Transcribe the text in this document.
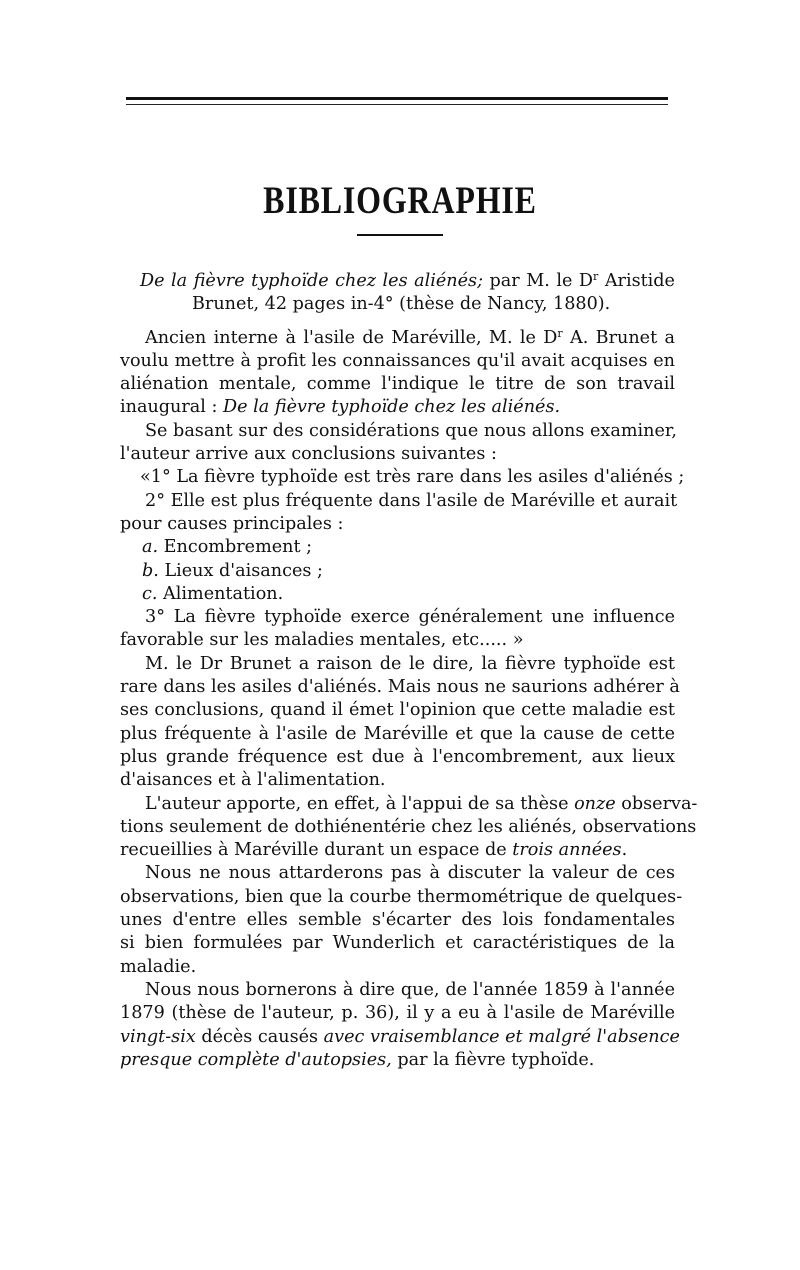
BIBLIOGRAPHIE
De la fièvre typhoïde chez les aliénés; par M. le $D^r$ Aristide
Brunet, 42 pages in-4° (thèse de Nancy, 1880).
Ancien interne à l'asile de Maréville, M. le $D^r$ A. Brunet a
voulu mettre à profit les connaissances qu'il avait acquises en
aliénation mentale, comme l'indique le titre de son travail
inaugural : De la fièvre typhoïde chez les aliénés.
Se basant sur des considérations que nous allons examiner,
l'auteur arrive aux conclusions suivantes :
«1° La fièvre typhoïde est très rare dans les asiles d'aliénés ;
2° Elle est plus fréquente dans l'asile de Maréville et aurait
pour causes principales :
a. Encombrement ;
b. Lieux d'aisances ;
c. Alimentation.
3° La fièvre typhoïde exerce généralement une influence
favorable sur les maladies mentales, etc..... »
M. le Dr Brunet a raison de le dire, la fièvre typhoïde est
rare dans les asiles d'aliénés. Mais nous ne saurions adhérer à
ses conclusions, quand il émet l'opinion que cette maladie est
plus fréquente à l'asile de Maréville et que la cause de cette
plus grande fréquence est due à l'encombrement, aux lieux
d'aisances et à l'alimentation.
L'auteur apporte, en effet, à l'appui de sa thèse onze observa-
tions seulement de dothiénentérie chez les aliénés, observations
recueillies à Maréville durant un espace de trois années.
Nous ne nous attarderons pas à discuter la valeur de ces
observations, bien que la courbe thermométrique de quelques-
unes d'entre elles semble s'écarter des lois fondamentales
si bien formulées par Wunderlich et caractéristiques de la
maladie.
Nous nous bornerons à dire que, de l'année 1859 à l'année
1879 (thèse de l'auteur, p. 36), il y a eu à l'asile de Maréville
vingt-six décès causés avec vraisemblance et malgré l'absence
presque complète d'autopsies, par la fièvre typhoïde.
